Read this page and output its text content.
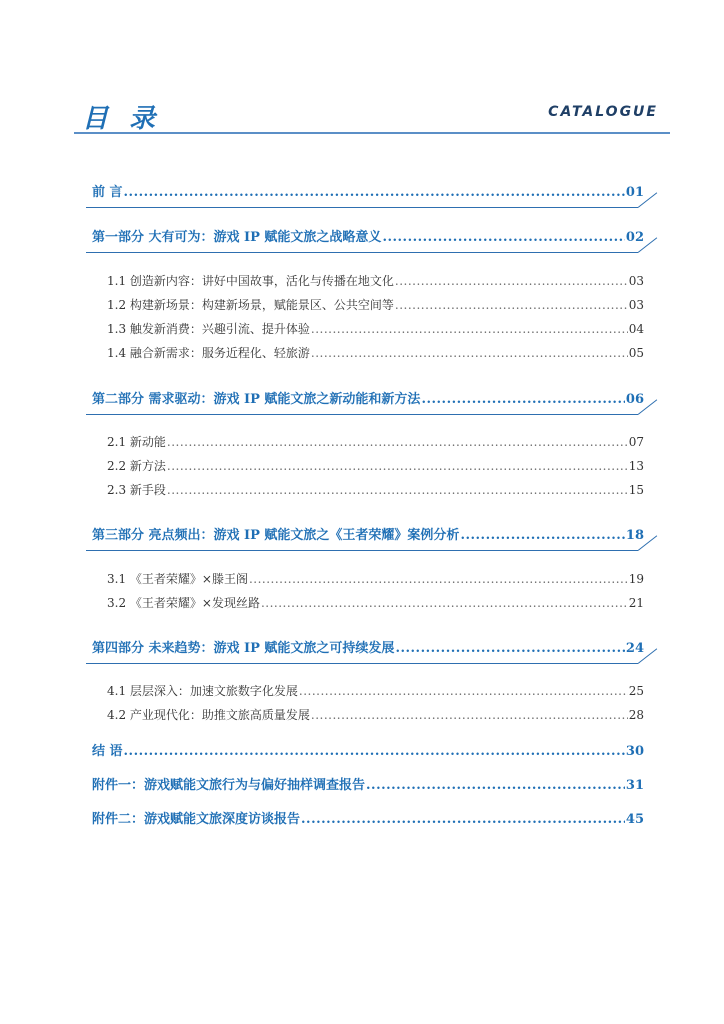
目 录	CATALOGUE
前 言 .....	01
第一部分 大有可为：游戏 IP 赋能文旅之战略意义 .....	02
1.1 创造新内容：讲好中国故事，活化与传播在地文化 .....	03
1.2 构建新场景：构建新场景，赋能景区、公共空间等 .....	03
1.3 触发新消费：兴趣引流、提升体验 .....	04
1.4 融合新需求：服务近程化、轻旅游 .....	05
第二部分 需求驱动：游戏 IP 赋能文旅之新动能和新方法 .....	06
2.1 新动能 .....	07
2.2 新方法 .....	13
2.3 新手段 .....	15
第三部分 亮点频出：游戏 IP 赋能文旅之《王者荣耀》案例分析 .....	18
3.1 《王者荣耀》×滕王阁 .....	19
3.2 《王者荣耀》×发现丝路 .....	21
第四部分 未来趋势：游戏 IP 赋能文旅之可持续发展 .....	24
4.1 层层深入：加速文旅数字化发展 .....	25
4.2 产业现代化：助推文旅高质量发展 .....	28
结 语 .....	30
附件一：游戏赋能文旅行为与偏好抽样调查报告 .....	31
附件二：游戏赋能文旅深度访谈报告 .....	45
